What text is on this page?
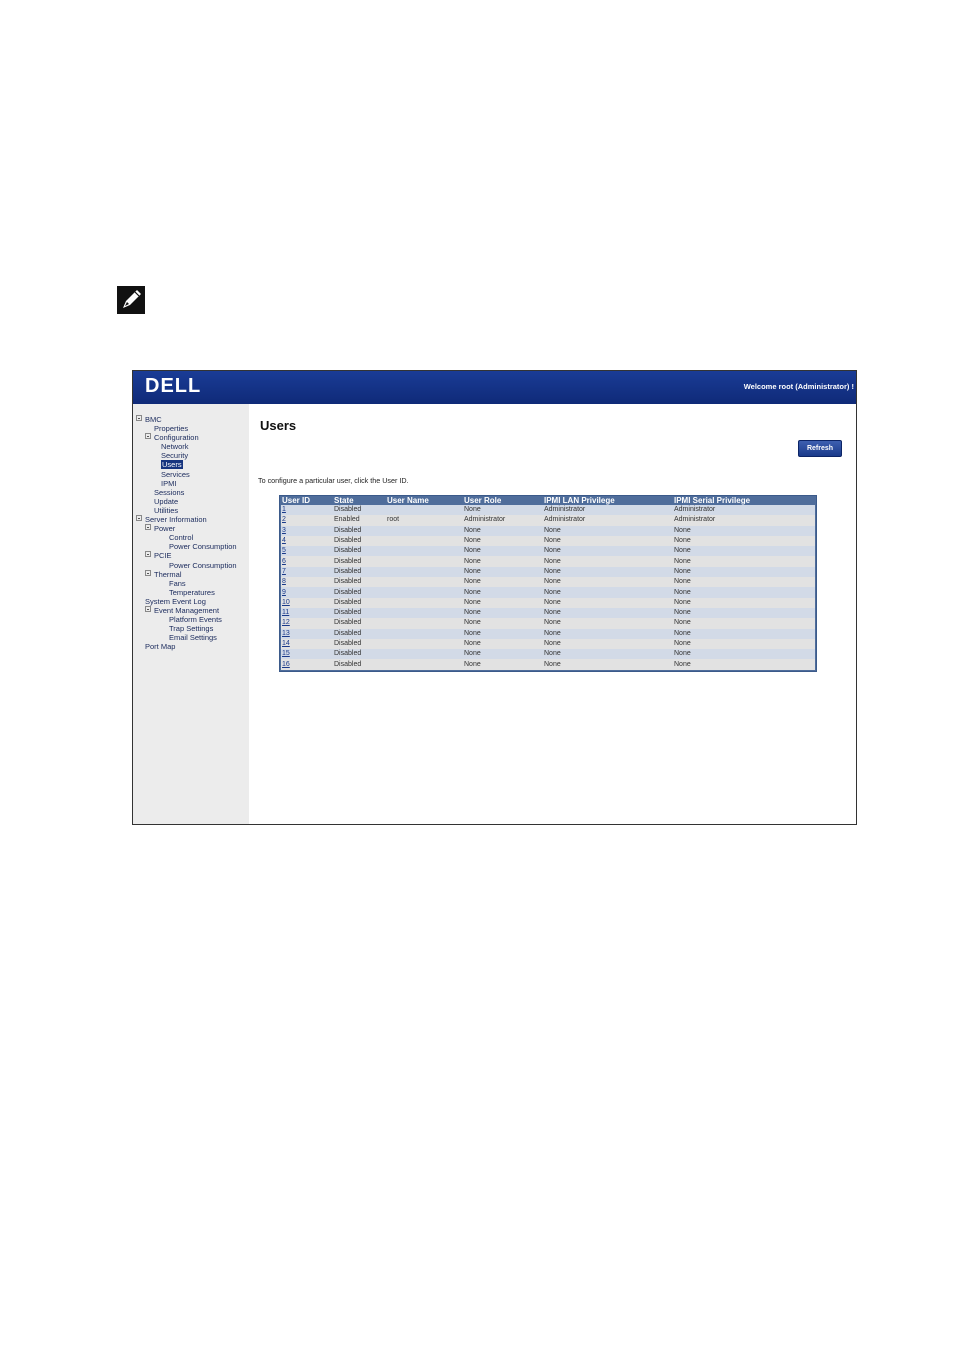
DELL	Welcome root (Administrator) !
BMC
Properties
Configuration
Network
Security
Users
Services
IPMI
Sessions
Update
Utilities
Server Information
Power
Control
Power Consumption
PCIE
Power Consumption
Thermal
Fans
Temperatures
System Event Log
Event Management
Platform Events
Trap Settings
Email Settings
Port Map
Users
Refresh
To configure a particular user, click the User ID.
User ID	State	User Name	User Role	IPMI LAN Privilege	IPMI Serial Privilege
1	Disabled		None	Administrator	Administrator
2	Enabled	root	Administrator	Administrator	Administrator
3	Disabled		None	None	None
4	Disabled		None	None	None
5	Disabled		None	None	None
6	Disabled		None	None	None
7	Disabled		None	None	None
8	Disabled		None	None	None
9	Disabled		None	None	None
10	Disabled		None	None	None
11	Disabled		None	None	None
12	Disabled		None	None	None
13	Disabled		None	None	None
14	Disabled		None	None	None
15	Disabled		None	None	None
16	Disabled		None	None	None
